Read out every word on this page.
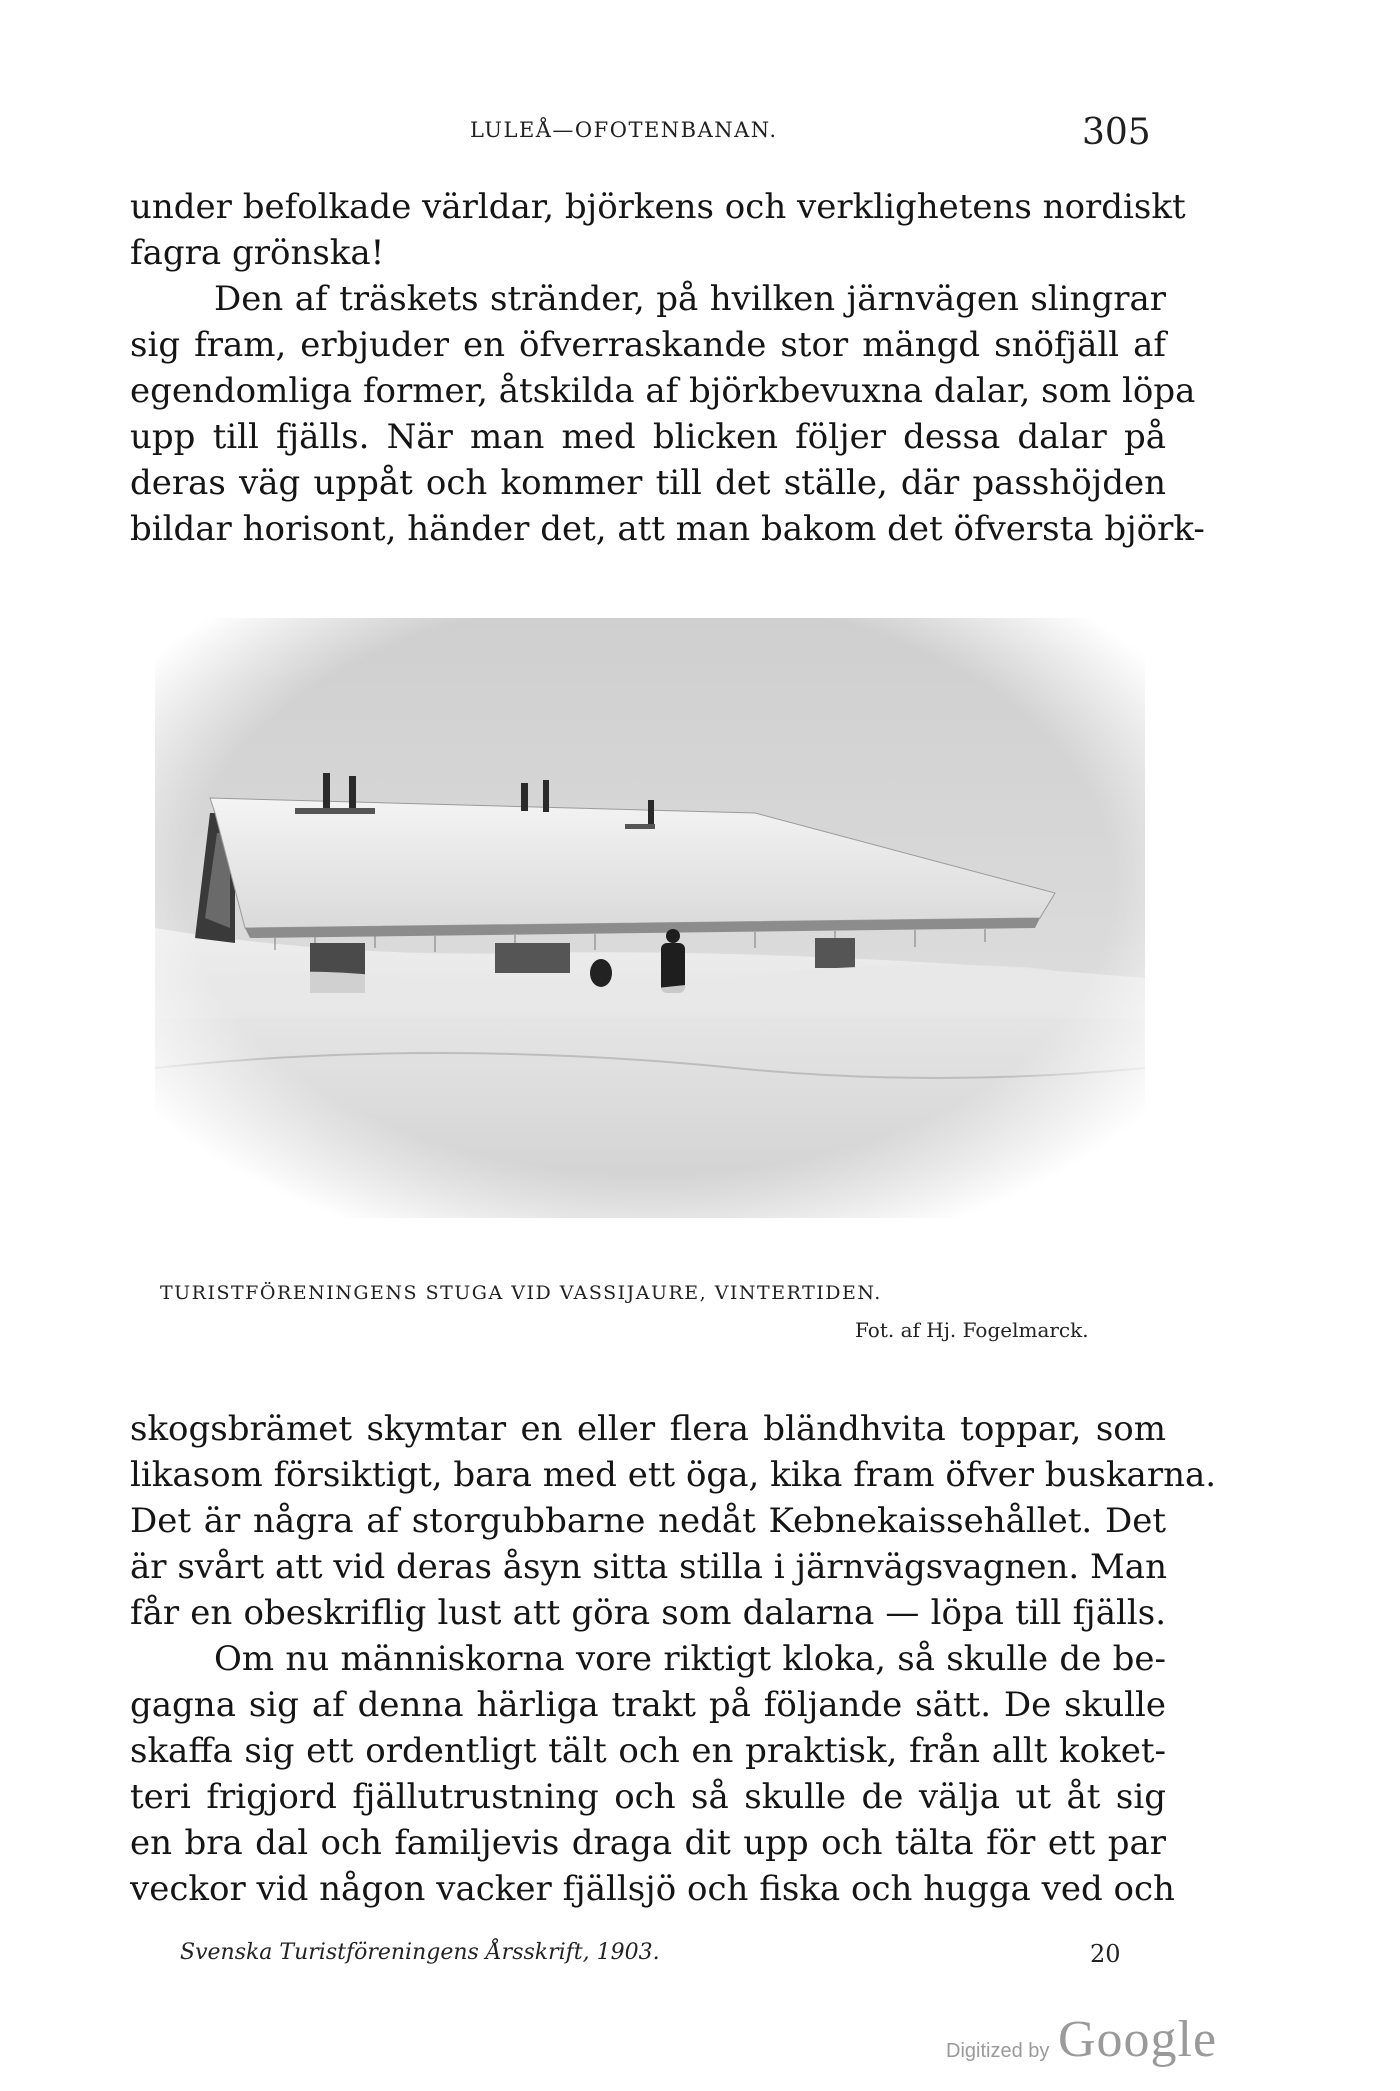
LULEÅ—OFOTENBANAN.	305
under befolkade världar, björkens och verklighetens nordiskt
fagra grönska!
Den af träskets stränder, på hvilken järnvägen slingrar
sig fram, erbjuder en öfverraskande stor mängd snöfjäll af
egendomliga former, åtskilda af björkbevuxna dalar, som löpa
upp till fjälls. När man med blicken följer dessa dalar på
deras väg uppåt och kommer till det ställe, där passhöjden
bildar horisont, händer det, att man bakom det öfversta björk-
TURISTFÖRENINGENS STUGA VID VASSIJAURE, VINTERTIDEN.
Fot. af Hj. Fogelmarck.
skogsbrämet skymtar en eller flera bländhvita toppar, som
likasom försiktigt, bara med ett öga, kika fram öfver buskarna.
Det är några af storgubbarne nedåt Kebnekaissehållet. Det
är svårt att vid deras åsyn sitta stilla i järnvägsvagnen. Man
får en obeskriflig lust att göra som dalarna — löpa till fjälls.
Om nu människorna vore riktigt kloka, så skulle de be-
gagna sig af denna härliga trakt på följande sätt. De skulle
skaffa sig ett ordentligt tält och en praktisk, från allt koket-
teri frigjord fjällutrustning och så skulle de välja ut åt sig
en bra dal och familjevis draga dit upp och tälta för ett par
veckor vid någon vacker fjällsjö och fiska och hugga ved och
Svenska Turistföreningens Årsskrift, 1903.	20
Digitized by Google
